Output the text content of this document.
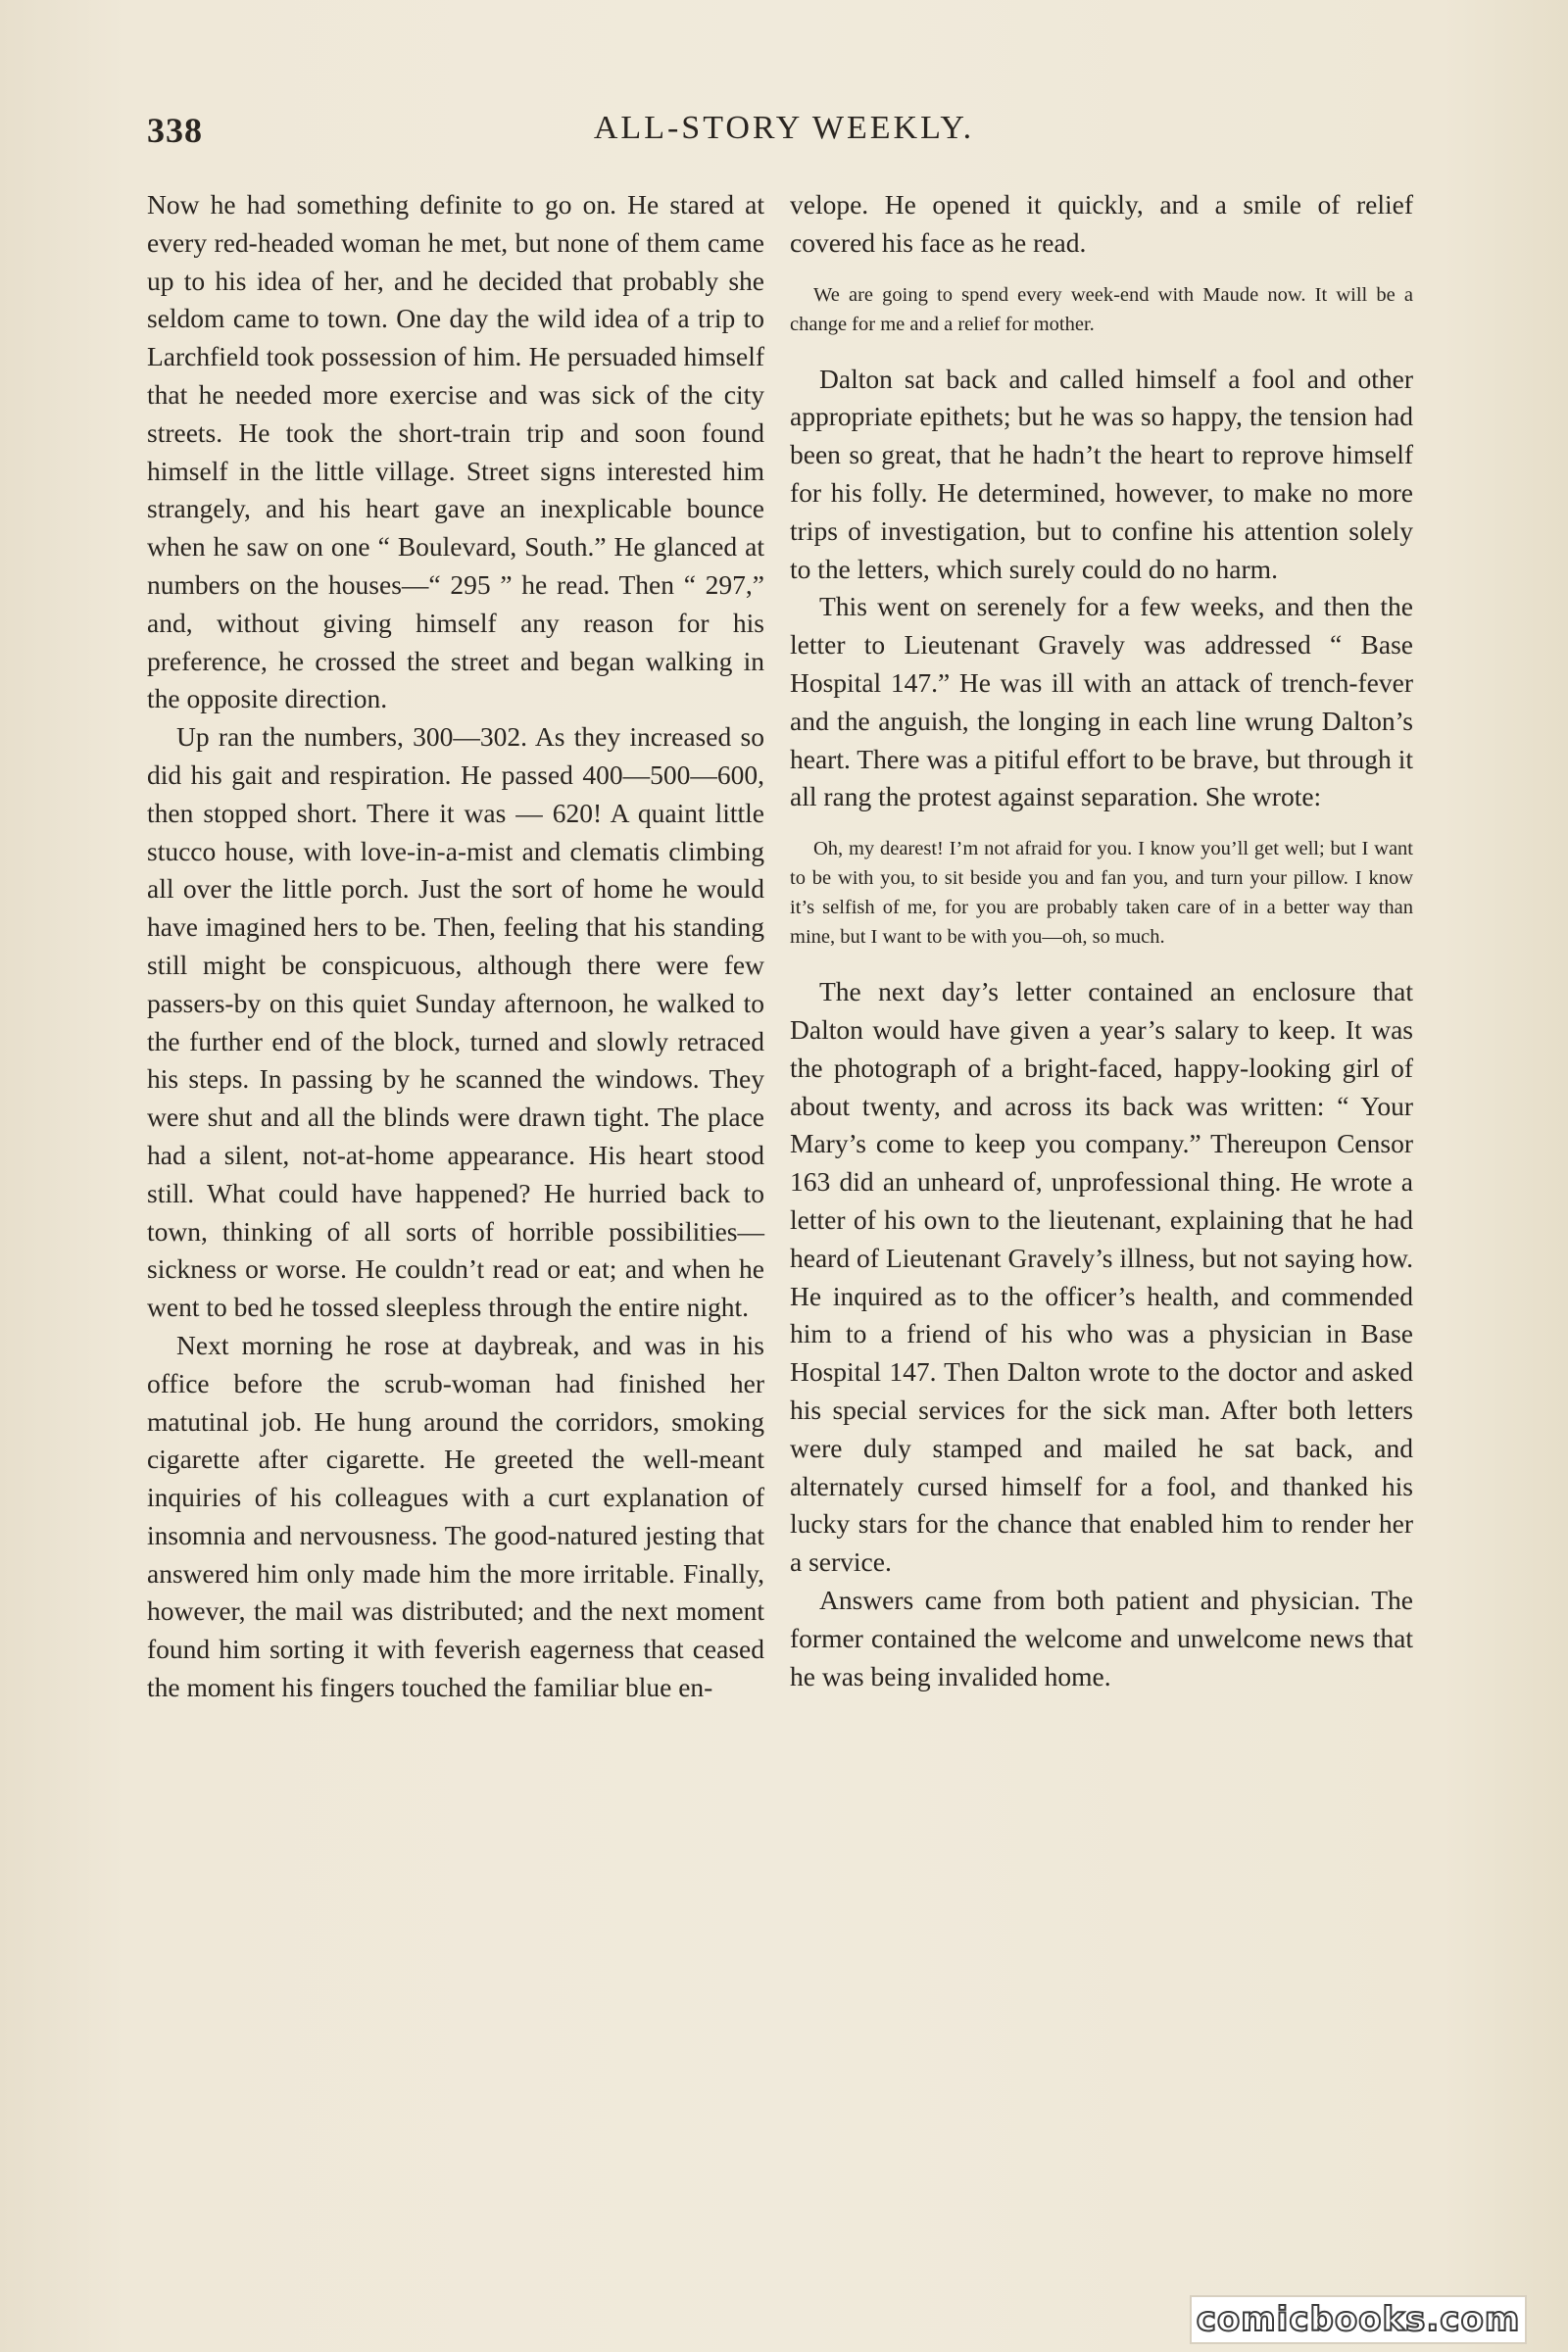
338	ALL-STORY WEEKLY.

Now he had something definite to go on. He stared at every red-headed woman he met, but none of them came up to his idea of her, and he decided that probably she seldom came to town. One day the wild idea of a trip to Larchfield took possession of him. He persuaded himself that he needed more exercise and was sick of the city streets. He took the short-train trip and soon found himself in the little village. Street signs interested him strangely, and his heart gave an inexplicable bounce when he saw on one “ Boulevard, South.” He glanced at numbers on the houses—“ 295 ” he read. Then “ 297,” and, without giving himself any reason for his preference, he crossed the street and began walking in the opposite direction.

Up ran the numbers, 300—302. As they increased so did his gait and respiration. He passed 400—500—600, then stopped short. There it was — 620! A quaint little stucco house, with love-in-a-mist and clematis climbing all over the little porch. Just the sort of home he would have imagined hers to be. Then, feeling that his standing still might be conspicuous, although there were few passers-by on this quiet Sunday afternoon, he walked to the further end of the block, turned and slowly retraced his steps. In passing by he scanned the windows. They were shut and all the blinds were drawn tight. The place had a silent, not-at-home appearance. His heart stood still. What could have happened? He hurried back to town, thinking of all sorts of horrible possibilities—sickness or worse. He couldn’t read or eat; and when he went to bed he tossed sleepless through the entire night.

Next morning he rose at daybreak, and was in his office before the scrub-woman had finished her matutinal job. He hung around the corridors, smoking cigarette after cigarette. He greeted the well-meant inquiries of his colleagues with a curt explanation of insomnia and nervousness. The good-natured jesting that answered him only made him the more irritable. Finally, however, the mail was distributed; and the next moment found him sorting it with feverish eagerness that ceased the moment his fingers touched the familiar blue en-

velope. He opened it quickly, and a smile of relief covered his face as he read.

We are going to spend every week-end with Maude now. It will be a change for me and a relief for mother.

Dalton sat back and called himself a fool and other appropriate epithets; but he was so happy, the tension had been so great, that he hadn’t the heart to reprove himself for his folly. He determined, however, to make no more trips of investigation, but to confine his attention solely to the letters, which surely could do no harm.

This went on serenely for a few weeks, and then the letter to Lieutenant Gravely was addressed “ Base Hospital 147.” He was ill with an attack of trench-fever and the anguish, the longing in each line wrung Dalton’s heart. There was a pitiful effort to be brave, but through it all rang the protest against separation. She wrote:

Oh, my dearest! I’m not afraid for you. I know you’ll get well; but I want to be with you, to sit beside you and fan you, and turn your pillow. I know it’s selfish of me, for you are probably taken care of in a better way than mine, but I want to be with you—oh, so much.

The next day’s letter contained an enclosure that Dalton would have given a year’s salary to keep. It was the photograph of a bright-faced, happy-looking girl of about twenty, and across its back was written: “ Your Mary’s come to keep you company.” Thereupon Censor 163 did an unheard of, unprofessional thing. He wrote a letter of his own to the lieutenant, explaining that he had heard of Lieutenant Gravely’s illness, but not saying how. He inquired as to the officer’s health, and commended him to a friend of his who was a physician in Base Hospital 147. Then Dalton wrote to the doctor and asked his special services for the sick man. After both letters were duly stamped and mailed he sat back, and alternately cursed himself for a fool, and thanked his lucky stars for the chance that enabled him to render her a service.

Answers came from both patient and physician. The former contained the welcome and unwelcome news that he was being invalided home.

comicbooks.com
